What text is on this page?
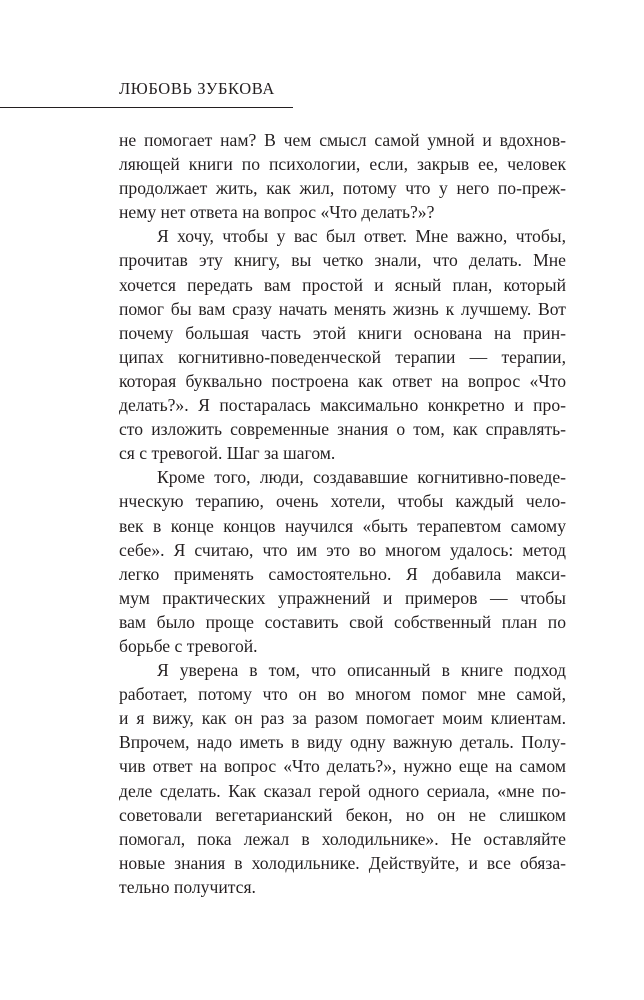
ЛЮБОВЬ ЗУБКОВА
не помогает нам? В чем смысл самой умной и вдохнов-
ляющей книги по психологии, если, закрыв ее, человек
продолжает жить, как жил, потому что у него по-преж-
нему нет ответа на вопрос «Что делать?»?
Я хочу, чтобы у вас был ответ. Мне важно, чтобы,
прочитав эту книгу, вы четко знали, что делать. Мне
хочется передать вам простой и ясный план, который
помог бы вам сразу начать менять жизнь к лучшему. Вот
почему большая часть этой книги основана на прин-
ципах когнитивно-поведенческой терапии — терапии,
которая буквально построена как ответ на вопрос «Что
делать?». Я постаралась максимально конкретно и про-
сто изложить современные знания о том, как справлять-
ся с тревогой. Шаг за шагом.
Кроме того, люди, создававшие когнитивно-поведе-
нческую терапию, очень хотели, чтобы каждый чело-
век в конце концов научился «быть терапевтом самому
себе». Я считаю, что им это во многом удалось: метод
легко применять самостоятельно. Я добавила макси-
мум практических упражнений и примеров — чтобы
вам было проще составить свой собственный план по
борьбе с тревогой.
Я уверена в том, что описанный в книге подход
работает, потому что он во многом помог мне самой,
и я вижу, как он раз за разом помогает моим клиентам.
Впрочем, надо иметь в виду одну важную деталь. Полу-
чив ответ на вопрос «Что делать?», нужно еще на самом
деле сделать. Как сказал герой одного сериала, «мне по-
советовали вегетарианский бекон, но он не слишком
помогал, пока лежал в холодильнике». Не оставляйте
новые знания в холодильнике. Действуйте, и все обяза-
тельно получится.
